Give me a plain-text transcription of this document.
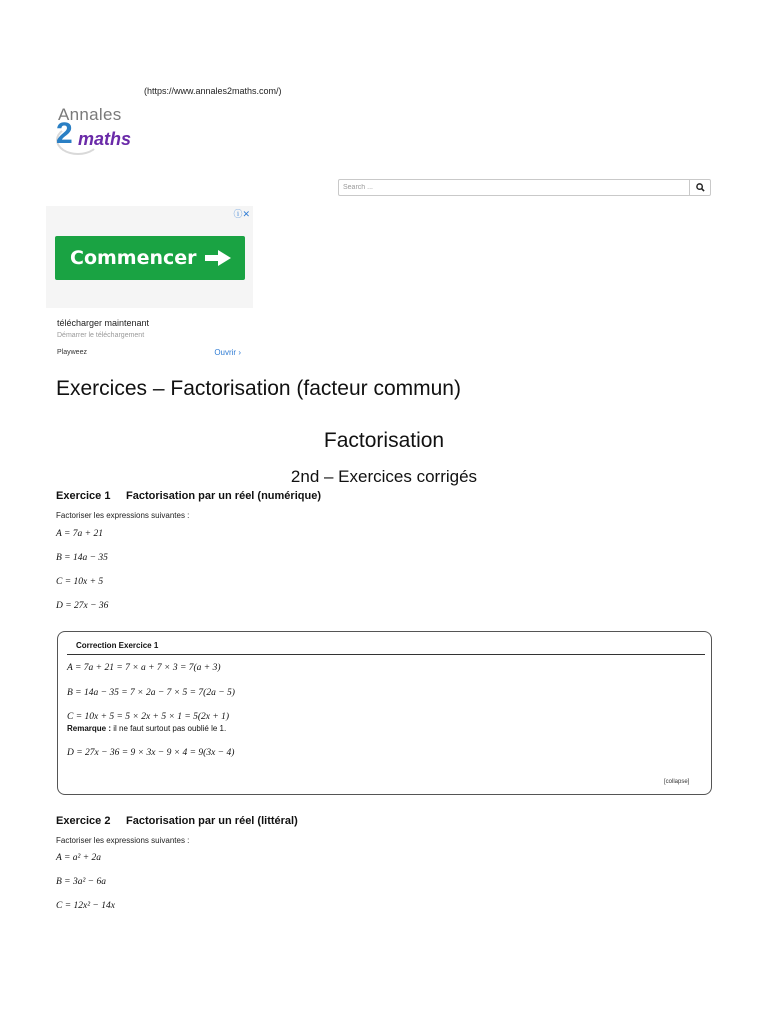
(https://www.annales2maths.com/)
Annales
2 maths
Search ...
ⓘ✕
Commencer
télécharger maintenant
Démarrer le téléchargement
Playweez	Ouvrir ›
Exercices – Factorisation (facteur commun)
Factorisation
2nd – Exercices corrigés
Exercice 1 Factorisation par un réel (numérique)
Factoriser les expressions suivantes :
A = 7a + 21
B = 14a − 35
C = 10x + 5
D = 27x − 36
Correction Exercice 1
A = 7a + 21 = 7 × a + 7 × 3 = 7(a + 3)
B = 14a − 35 = 7 × 2a − 7 × 5 = 7(2a − 5)
C = 10x + 5 = 5 × 2x + 5 × 1 = 5(2x + 1)
Remarque : il ne faut surtout pas oublié le 1.
D = 27x − 36 = 9 × 3x − 9 × 4 = 9(3x − 4)
[collapse]
Exercice 2 Factorisation par un réel (littéral)
Factoriser les expressions suivantes :
A = a² + 2a
B = 3a² − 6a
C = 12x² − 14x
